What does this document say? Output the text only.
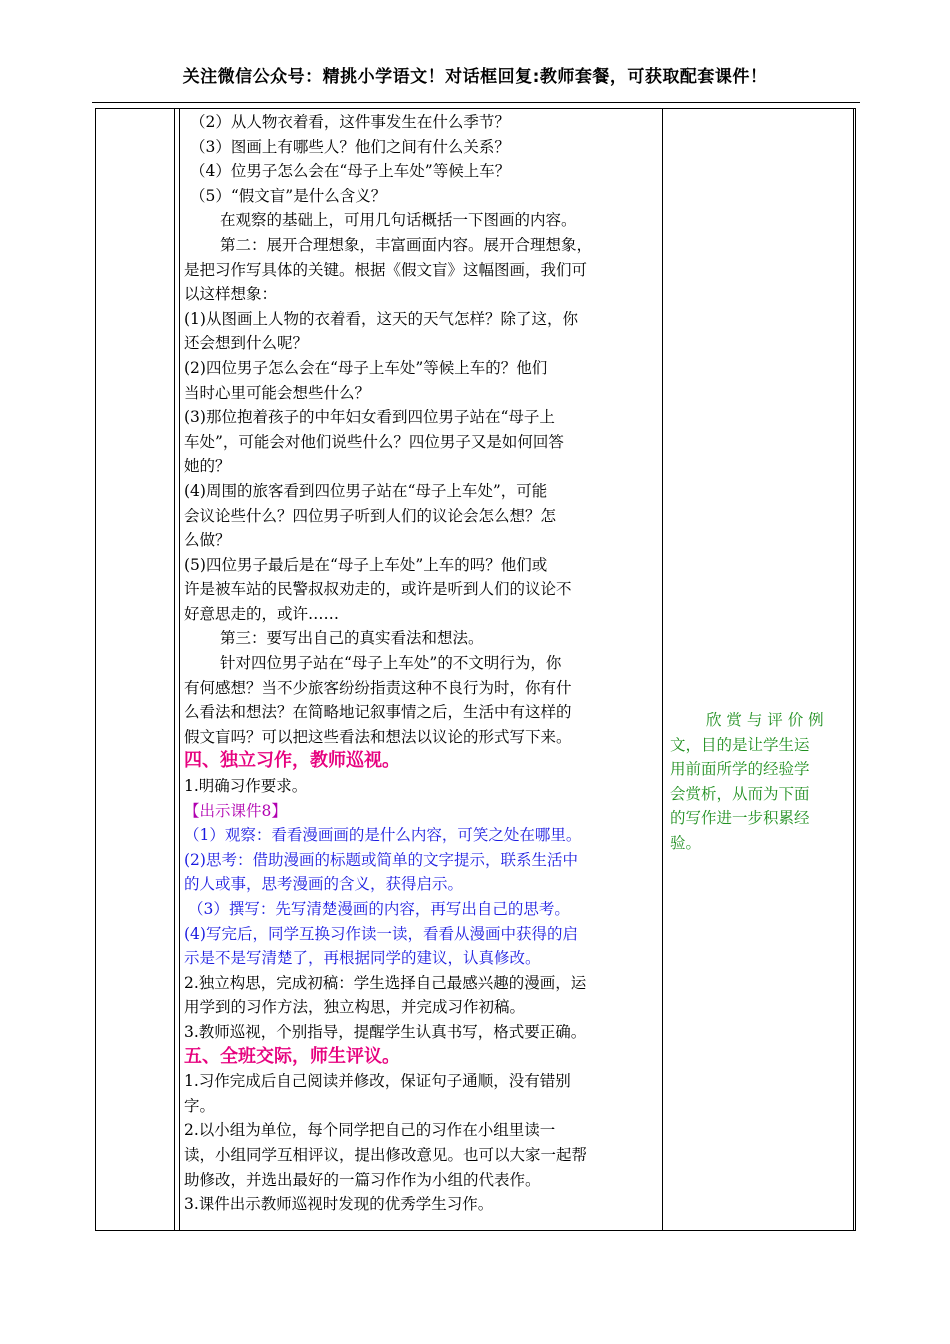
关注微信公众号：精挑小学语文！对话框回复:教师套餐，可获取配套课件！

（2）从人物衣着看，这件事发生在什么季节？

（3）图画上有哪些人？他们之间有什么关系？

（4）位男子怎么会在“母子上车处”等候上车？

（5）“假文盲”是什么含义？

在观察的基础上，可用几句话概括一下图画的内容。

第二：展开合理想象，丰富画面内容。展开合理想象，

是把习作写具体的关键。根据《假文盲》这幅图画，我们可

以这样想象：

(1)从图画上人物的衣着看，这天的天气怎样？除了这，你

还会想到什么呢？

(2)四位男子怎么会在“母子上车处”等候上车的？他们

当时心里可能会想些什么？

(3)那位抱着孩子的中年妇女看到四位男子站在“母子上

车处”，可能会对他们说些什么？四位男子又是如何回答

她的？

(4)周围的旅客看到四位男子站在“母子上车处”，可能

会议论些什么？四位男子听到人们的议论会怎么想？怎

么做？

(5)四位男子最后是在“母子上车处”上车的吗？他们或

许是被车站的民警叔叔劝走的，或许是听到人们的议论不

好意思走的，或许……

第三：要写出自己的真实看法和想法。

针对四位男子站在“母子上车处”的不文明行为，你

有何感想？当不少旅客纷纷指责这种不良行为时，你有什

么看法和想法？在简略地记叙事情之后，生活中有这样的

假文盲吗？可以把这些看法和想法以议论的形式写下来。

四、独立习作，教师巡视。

1.明确习作要求。

【出示课件8】

（1）观察：看看漫画画的是什么内容，可笑之处在哪里。

(2)思考：借助漫画的标题或简单的文字提示，联系生活中

的人或事，思考漫画的含义，获得启示。

（3）撰写：先写清楚漫画的内容，再写出自己的思考。

(4)写完后，同学互换习作读一读，看看从漫画中获得的启

示是不是写清楚了，再根据同学的建议，认真修改。

2.独立构思，完成初稿：学生选择自己最感兴趣的漫画，运

用学到的习作方法，独立构思，并完成习作初稿。

3.教师巡视，个别指导，提醒学生认真书写，格式要正确。

五、全班交际，师生评议。

1.习作完成后自己阅读并修改，保证句子通顺，没有错别

字。

2.以小组为单位，每个同学把自己的习作在小组里读一

读，小组同学互相评议，提出修改意见。也可以大家一起帮

助修改，并选出最好的一篇习作作为小组的代表作。

3.课件出示教师巡视时发现的优秀学生习作。

欣 赏 与 评 价 例

文，目的是让学生运

用前面所学的经验学

会赏析，从而为下面

的写作进一步积累经

验。
